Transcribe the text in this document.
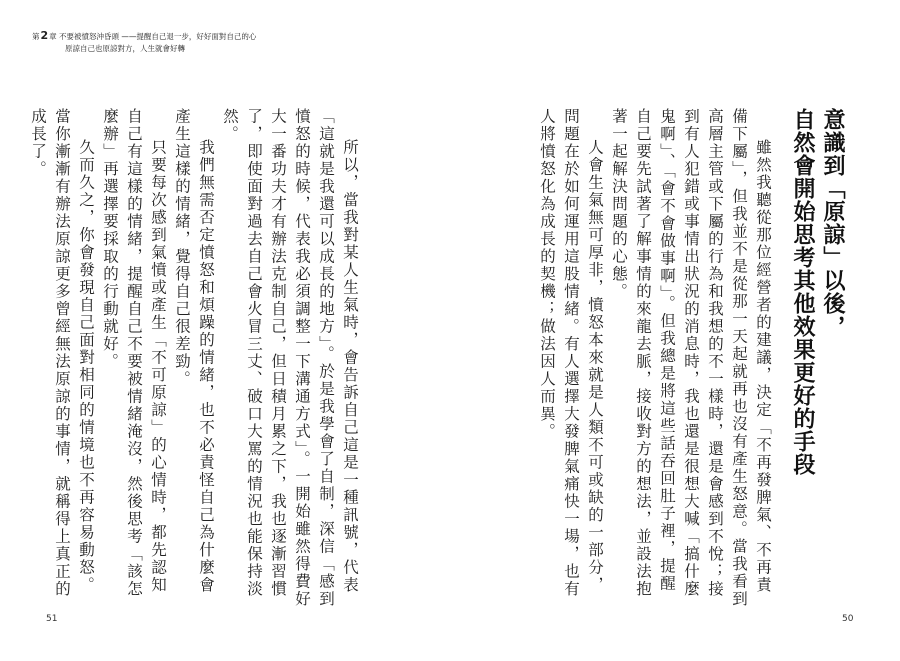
第2章 不要被憤怒沖昏頭 ——提醒自己退一步，好好面對自己的心
原諒自己也原諒對方，人生就會好轉
意識到「原諒」以後，
自然會開始思考其他效果更好的手段

雖然我聽從那位經營者的建議，決定「不再發脾氣、不再責備下屬」，但我並不是從那一天起就再也沒有產生怒意。當我看到高層主管或下屬的行為和我想的不一樣時，還是會感到不悅；接到有人犯錯或事情出狀況的消息時，我也還是很想大喊「搞什麼鬼啊」、「會不會做事啊」。但我總是將這些話吞回肚子裡，提醒自己要先試著了解事情的來龍去脈，接收對方的想法，並設法抱著一起解決問題的心態。

人會生氣無可厚非，憤怒本來就是人類不可或缺的一部分，問題在於如何運用這股情緒。有人選擇大發脾氣痛快一場，也有人將憤怒化為成長的契機；做法因人而異。

所以，當我對某人生氣時，會告訴自己這是一種訊號，代表「這就是我還可以成長的地方」。於是我學會了自制，深信「感到憤怒的時候，代表我必須調整一下溝通方式」。一開始雖然得費好大一番功夫才有辦法克制自己，但日積月累之下，我也逐漸習慣了，即使面對過去自己會火冒三丈、破口大罵的情況也能保持淡然。

我們無需否定憤怒和煩躁的情緒，也不必責怪自己為什麼會產生這樣的情緒，覺得自己很差勁。

只要每次感到氣憤或產生「不可原諒」的心情時，都先認知自己有這樣的情緒，提醒自己不要被情緒淹沒，然後思考「該怎麼辦」再選擇要採取的行動就好。

久而久之，你會發現自己面對相同的情境也不再容易動怒。當你漸漸有辦法原諒更多曾經無法原諒的事情，就稱得上真正的成長了。

51	50
